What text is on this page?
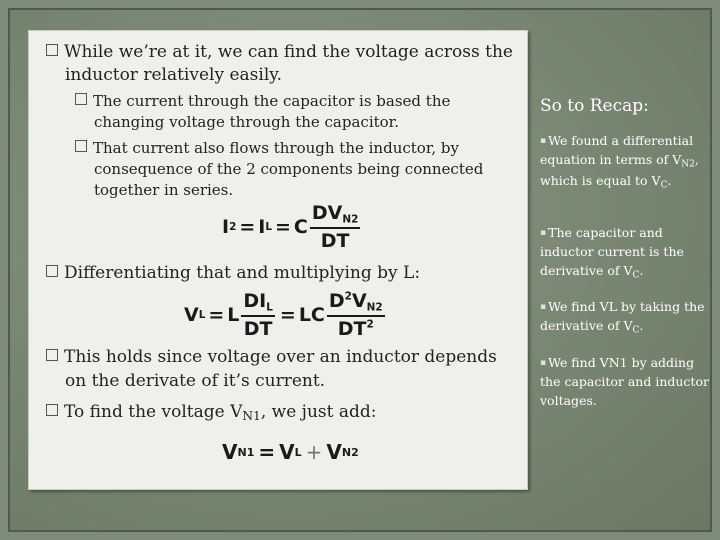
While we’re at it, we can find the voltage across the
inductor relatively easily.
The current through the capacitor is based the
changing voltage through the capacitor.
That current also flows through the inductor, by
consequence of the 2 components being connected
together in series.
I 2 = I L = C $\frac{DV_{N2}}{DT}$
Differentiating that and multiplying by L:
V L = L $\frac{DI_L}{DT}$ = LC $\frac{D^2V_{N2}}{DT^2}$
This holds since voltage over an inductor depends
on the derivate of it’s current.
To find the voltage VN1, we just add:
V N1 = V L + V N2
So to Recap:
▪ We found a differential equation in terms of VN2, which is equal to VC.
▪ The capacitor and inductor current is the derivative of VC.
▪ We find VL by taking the derivative of VC.
▪ We find VN1 by adding the capacitor and inductor voltages.
